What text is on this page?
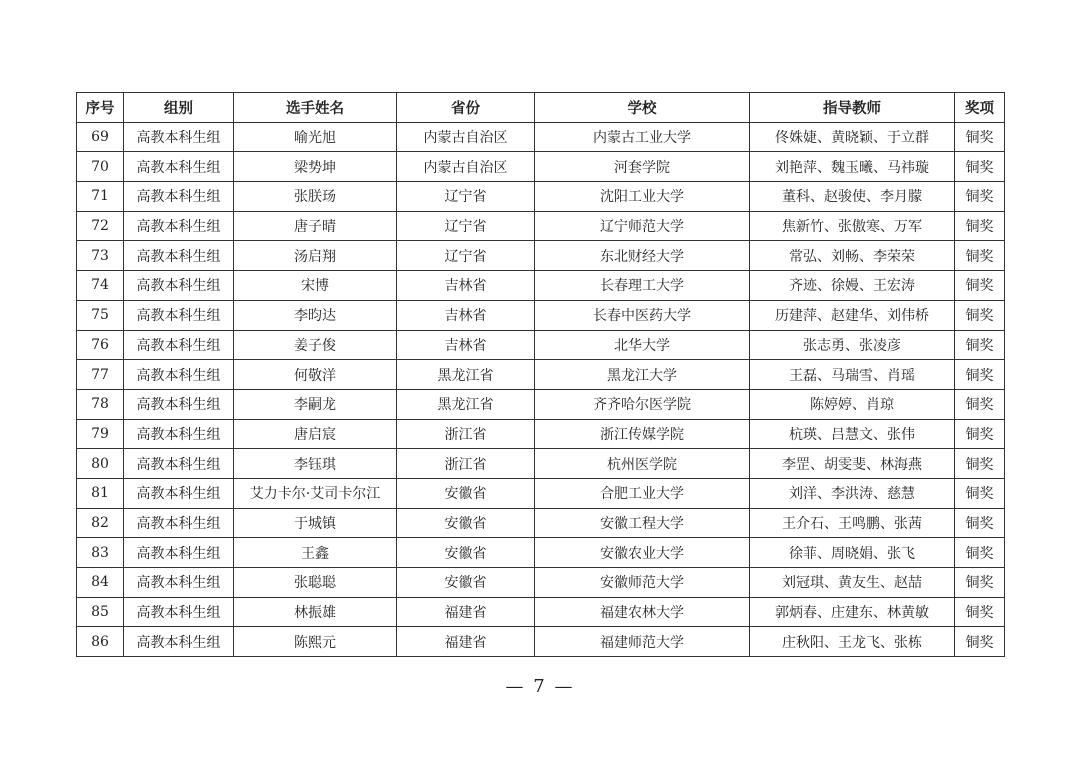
序号	组别	选手姓名	省份	学校	指导教师	奖项
69	高教本科生组	喻光旭	内蒙古自治区	内蒙古工业大学	佟姝婕、黄晓颖、于立群	铜奖
70	高教本科生组	梁势坤	内蒙古自治区	河套学院	刘艳萍、魏玉曦、马祎璇	铜奖
71	高教本科生组	张朕玚	辽宁省	沈阳工业大学	董科、赵骏使、李月朦	铜奖
72	高教本科生组	唐子晴	辽宁省	辽宁师范大学	焦新竹、张傲寒、万军	铜奖
73	高教本科生组	汤启翔	辽宁省	东北财经大学	常弘、刘畅、李荣荣	铜奖
74	高教本科生组	宋博	吉林省	长春理工大学	齐迹、徐嫚、王宏涛	铜奖
75	高教本科生组	李昀达	吉林省	长春中医药大学	历建萍、赵建华、刘伟桥	铜奖
76	高教本科生组	姜子俊	吉林省	北华大学	张志勇、张凌彦	铜奖
77	高教本科生组	何敬洋	黑龙江省	黑龙江大学	王磊、马瑞雪、肖瑶	铜奖
78	高教本科生组	李嗣龙	黑龙江省	齐齐哈尔医学院	陈婷婷、肖琼	铜奖
79	高教本科生组	唐启宸	浙江省	浙江传媒学院	杭瑛、吕慧文、张伟	铜奖
80	高教本科生组	李钰琪	浙江省	杭州医学院	李罡、胡雯斐、林海燕	铜奖
81	高教本科生组	艾力卡尔·艾司卡尔江	安徽省	合肥工业大学	刘洋、李洪涛、慈慧	铜奖
82	高教本科生组	于城镇	安徽省	安徽工程大学	王介石、王鸣鹏、张茜	铜奖
83	高教本科生组	王鑫	安徽省	安徽农业大学	徐菲、周晓娟、张飞	铜奖
84	高教本科生组	张聪聪	安徽省	安徽师范大学	刘冠琪、黄友生、赵喆	铜奖
85	高教本科生组	林振雄	福建省	福建农林大学	郭炳春、庄建东、林黄敏	铜奖
86	高教本科生组	陈熙元	福建省	福建师范大学	庄秋阳、王龙飞、张栋	铜奖
— 7 —
